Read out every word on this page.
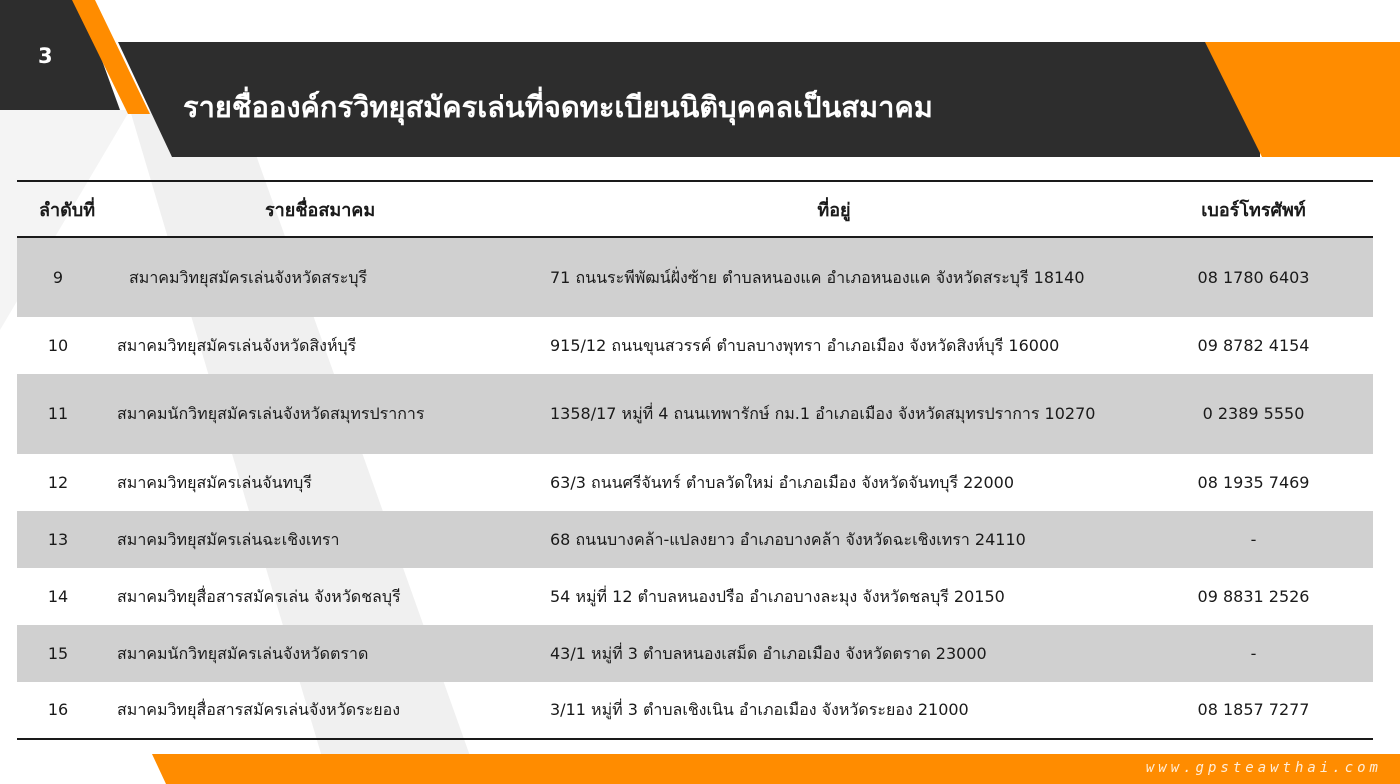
3
รายชื่อองค์กรวิทยุสมัครเล่นที่จดทะเบียนนิติบุคคลเป็นสมาคม
ลำดับที่	รายชื่อสมาคม	ที่อยู่	เบอร์โทรศัพท์
9	สมาคมวิทยุสมัครเล่นจังหวัดสระบุรี	71 ถนนระพีพัฒน์ฝั่งซ้าย ตำบลหนองแค อำเภอหนองแค จังหวัดสระบุรี 18140	08 1780 6403
10	สมาคมวิทยุสมัครเล่นจังหวัดสิงห์บุรี	915/12 ถนนขุนสวรรค์ ตำบลบางพุทรา อำเภอเมือง จังหวัดสิงห์บุรี 16000	09 8782 4154
11	สมาคมนักวิทยุสมัครเล่นจังหวัดสมุทรปราการ	1358/17 หมู่ที่ 4 ถนนเทพารักษ์ กม.1 อำเภอเมือง จังหวัดสมุทรปราการ 10270	0 2389 5550
12	สมาคมวิทยุสมัครเล่นจันทบุรี	63/3 ถนนศรีจันทร์ ตำบลวัดใหม่ อำเภอเมือง จังหวัดจันทบุรี 22000	08 1935 7469
13	สมาคมวิทยุสมัครเล่นฉะเชิงเทรา	68 ถนนบางคล้า-แปลงยาว อำเภอบางคล้า จังหวัดฉะเชิงเทรา 24110	-
14	สมาคมวิทยุสื่อสารสมัครเล่น จังหวัดชลบุรี	54 หมู่ที่ 12 ตำบลหนองปรือ อำเภอบางละมุง จังหวัดชลบุรี 20150	09 8831 2526
15	สมาคมนักวิทยุสมัครเล่นจังหวัดตราด	43/1 หมู่ที่ 3 ตำบลหนองเสม็ด อำเภอเมือง จังหวัดตราด 23000	-
16	สมาคมวิทยุสื่อสารสมัครเล่นจังหวัดระยอง	3/11 หมู่ที่ 3 ตำบลเชิงเนิน อำเภอเมือง จังหวัดระยอง 21000	08 1857 7277
www.gpsteawthai.com
